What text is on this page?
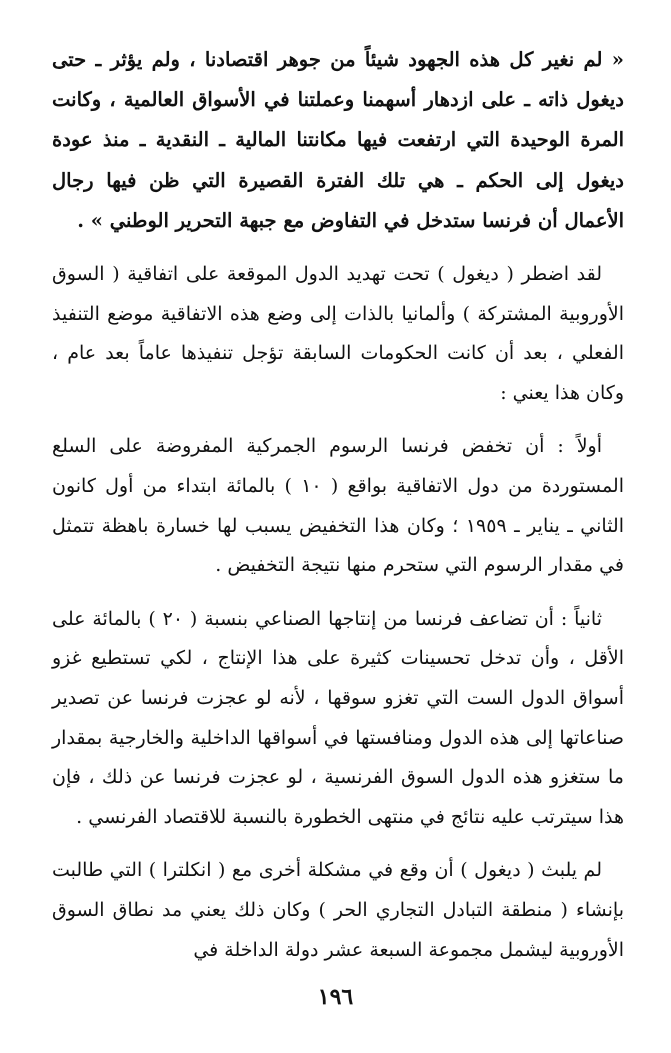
« لم نغير كل هذه الجهود شيئاً من جوهر اقتصادنا ، ولم يؤثر ـ حتى ديغول ذاته ـ على ازدهار أسهمنا وعملتنا في الأسواق العالمية ، وكانت المرة الوحيدة التي ارتفعت فيها مكانتنا المالية ـ النقدية ـ منذ عودة ديغول إلى الحكم ـ هي تلك الفترة القصيرة التي ظن فيها رجال الأعمال أن فرنسا ستدخل في التفاوض مع جبهة التحرير الوطني » .

لقد اضطر ( ديغول ) تحت تهديد الدول الموقعة على اتفاقية ( السوق الأوروبية المشتركة ) وألمانيا بالذات إلى وضع هذه الاتفاقية موضع التنفيذ الفعلي ، بعد أن كانت الحكومات السابقة تؤجل تنفيذها عاماً بعد عام ، وكان هذا يعني :

أولاً : أن تخفض فرنسا الرسوم الجمركية المفروضة على السلع المستوردة من دول الاتفاقية بواقع ( ١٠ ) بالمائة ابتداء من أول كانون الثاني ـ يناير ـ ١٩٥٩ ؛ وكان هذا التخفيض يسبب لها خسارة باهظة تتمثل في مقدار الرسوم التي ستحرم منها نتيجة التخفيض .

ثانياً : أن تضاعف فرنسا من إنتاجها الصناعي بنسبة ( ٢٠ ) بالمائة على الأقل ، وأن تدخل تحسينات كثيرة على هذا الإنتاج ، لكي تستطيع غزو أسواق الدول الست التي تغزو سوقها ، لأنه لو عجزت فرنسا عن تصدير صناعاتها إلى هذه الدول ومنافستها في أسواقها الداخلية والخارجية بمقدار ما ستغزو هذه الدول السوق الفرنسية ، لو عجزت فرنسا عن ذلك ، فإن هذا سيترتب عليه نتائج في منتهى الخطورة بالنسبة للاقتصاد الفرنسي .

لم يلبث ( ديغول ) أن وقع في مشكلة أخرى مع ( انكلترا ) التي طالبت بإنشاء ( منطقة التبادل التجاري الحر ) وكان ذلك يعني مد نطاق السوق الأوروبية ليشمل مجموعة السبعة عشر دولة الداخلة في

١٩٦
